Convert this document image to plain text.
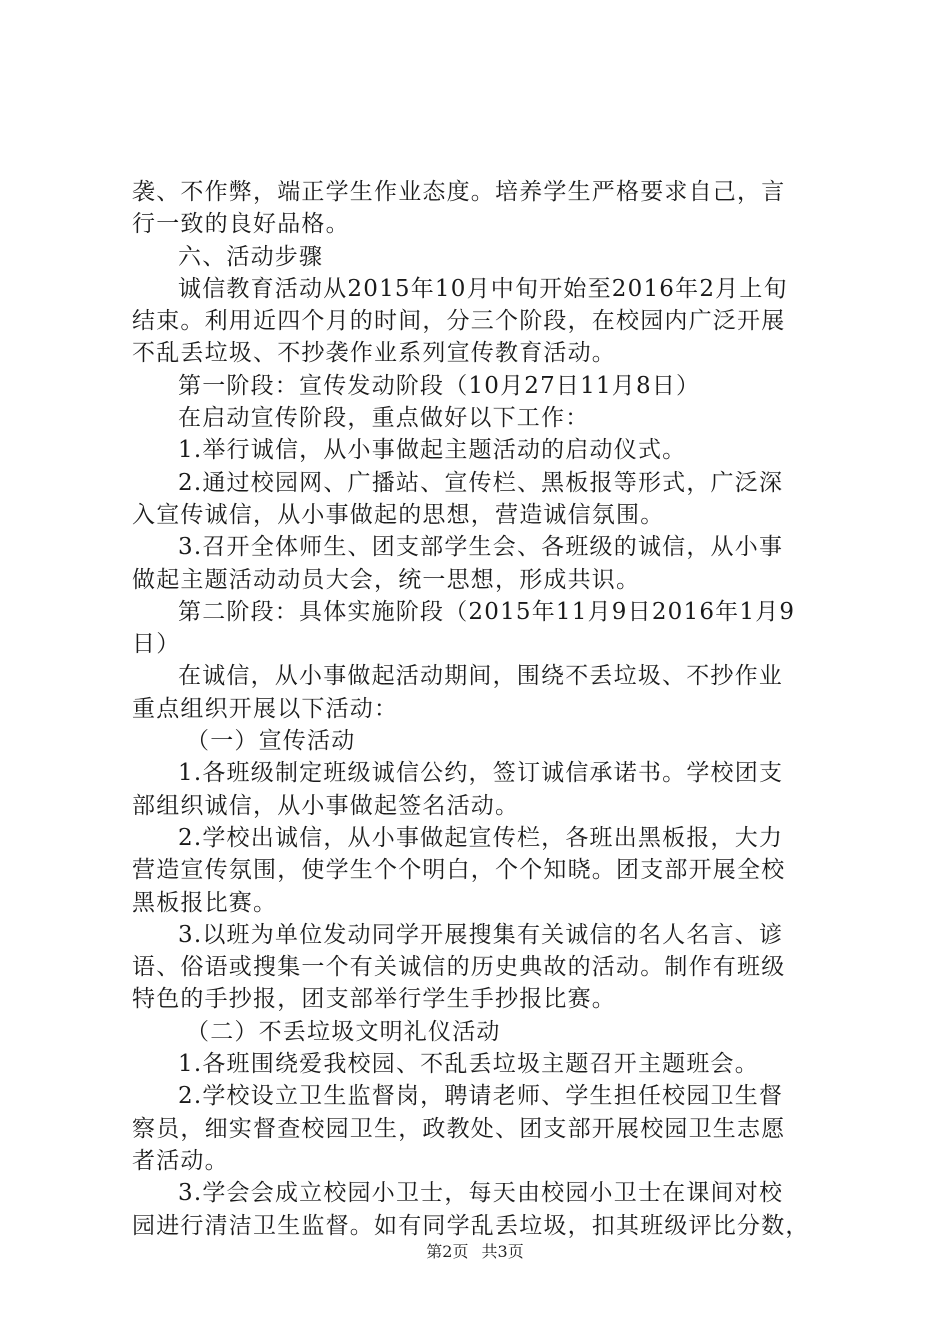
袭、不作弊，端正学生作业态度。培养学生严格要求自己，言
行一致的良好品格。
六、活动步骤
诚信教育活动从2015年10月中旬开始至2016年2月上旬
结束。利用近四个月的时间，分三个阶段，在校园内广泛开展
不乱丢垃圾、不抄袭作业系列宣传教育活动。
第一阶段：宣传发动阶段（10月27日11月8日）
在启动宣传阶段，重点做好以下工作：
1.举行诚信，从小事做起主题活动的启动仪式。
2.通过校园网、广播站、宣传栏、黑板报等形式，广泛深
入宣传诚信，从小事做起的思想，营造诚信氛围。
3.召开全体师生、团支部学生会、各班级的诚信，从小事
做起主题活动动员大会，统一思想，形成共识。
第二阶段：具体实施阶段（2015年11月9日2016年1月9
日）
在诚信，从小事做起活动期间，围绕不丢垃圾、不抄作业
重点组织开展以下活动：
（一）宣传活动
1.各班级制定班级诚信公约，签订诚信承诺书。学校团支
部组织诚信，从小事做起签名活动。
2.学校出诚信，从小事做起宣传栏，各班出黑板报，大力
营造宣传氛围，使学生个个明白，个个知晓。团支部开展全校
黑板报比赛。
3.以班为单位发动同学开展搜集有关诚信的名人名言、谚
语、俗语或搜集一个有关诚信的历史典故的活动。制作有班级
特色的手抄报，团支部举行学生手抄报比赛。
（二）不丢垃圾文明礼仪活动
1.各班围绕爱我校园、不乱丢垃圾主题召开主题班会。
2.学校设立卫生监督岗，聘请老师、学生担任校园卫生督
察员，细实督查校园卫生，政教处、团支部开展校园卫生志愿
者活动。
3.学会会成立校园小卫士，每天由校园小卫士在课间对校
园进行清洁卫生监督。如有同学乱丢垃圾，扣其班级评比分数，
第2页 共3页
